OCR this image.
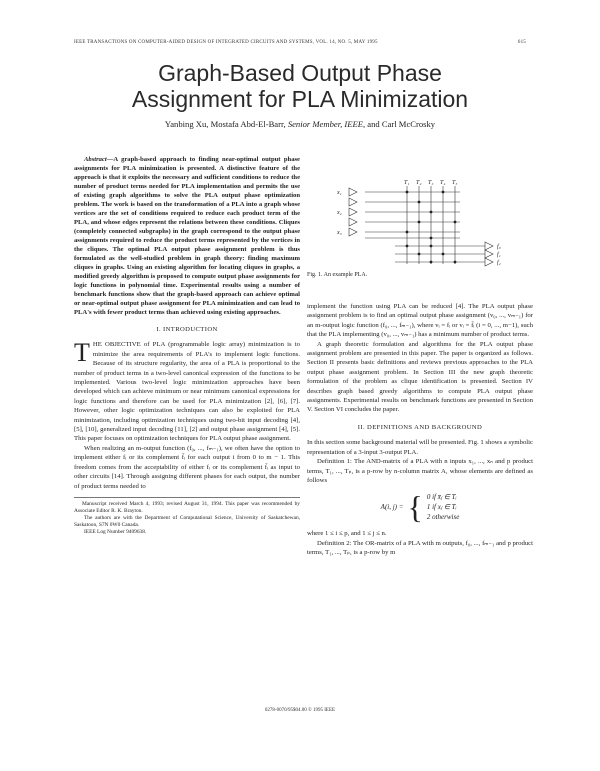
IEEE TRANSACTIONS ON COMPUTER-AIDED DESIGN OF INTEGRATED CIRCUITS AND SYSTEMS, VOL. 14, NO. 5, MAY 1995	615
Graph-Based Output Phase
Assignment for PLA Minimization
Yanbing Xu, Mostafa Abd-El-Barr, Senior Member, IEEE, and Carl McCrosky

Abstract—A graph-based approach to finding near-optimal output phase assignments for PLA minimization is presented. A distinctive feature of the approach is that it exploits the necessary and sufficient conditions to reduce the number of product terms needed for PLA implementation and permits the use of existing graph algorithms to solve the PLA output phase optimization problem. The work is based on the transformation of a PLA into a graph whose vertices are the set of conditions required to reduce each product term of the PLA, and whose edges represent the relations between these conditions. Cliques (completely connected subgraphs) in the graph correspond to the output phase assignments required to reduce the product terms represented by the vertices in the cliques. The optimal PLA output phase assignment problem is thus formulated as the well-studied problem in graph theory: finding maximum cliques in graphs. Using an existing algorithm for locating cliques in graphs, a modified greedy algorithm is proposed to compute output phase assignments for logic functions in polynomial time. Experimental results using a number of benchmark functions show that the graph-based approach can achieve optimal or near-optimal output phase assignment for PLA minimization and can lead to PLA's with fewer product terms than achieved using existing approaches.

I. INTRODUCTION

THE OBJECTIVE of PLA (programmable logic array) minimization is to minimize the area requirements of PLA's to implement logic functions. Because of its structure regularity, the area of a PLA is proportional to the number of product terms in a two-level canonical expression of the functions to be implemented. Various two-level logic minimization approaches have been developed which can achieve minimum or near minimum canonical expressions for logic functions and therefore can be used for PLA minimization [2], [6], [7]. However, other logic optimization techniques can also be exploited for PLA minimization, including optimization techniques using two-bit input decoding [4], [5], [10], generalized input decoding [11], [2] and output phase assignment [4], [5]. This paper focuses on optimization techniques for PLA output phase assignment.

When realizing an m-output function (f₀, ..., fₘ₋₁), we often have the option to implement either fᵢ or its complement f̄ᵢ for each output i from 0 to m − 1. This freedom comes from the acceptability of either fᵢ or its complement f̄ᵢ as input to other circuits [14]. Through assigning different phases for each output, the number of product terms needed to

Manuscript received March 4, 1993; revised August 31, 1994. This paper was recommended by Associate Editor R. K. Brayton.

The authors are with the Department of Computational Science, University of Saskatchewan, Saskatoon, S7N 0W0 Canada.

IEEE Log Number 9409638.

T₁ T₂ T₃ T₄ T₅
x₁
x₂
x₃
f₀
f₁
f₂
Fig. 1. An example PLA.

implement the function using PLA can be reduced [4]. The PLA output phase assignment problem is to find an optimal output phase assignment (v₀, ..., vₘ₋₁) for an m-output logic function (f₀, ..., fₘ₋₁), where vᵢ = fᵢ or vᵢ = f̄ᵢ (i = 0, ..., m−1), such that the PLA implementing (v₀, ..., vₘ₋₁) has a minimum number of product terms.

A graph theoretic formulation and algorithms for the PLA output phase assignment problem are presented in this paper. The paper is organized as follows. Section II presents basic definitions and reviews previous approaches to the PLA output phase assignment problem. In Section III the new graph theoretic formulation of the problem as clique identification is presented. Section IV describes graph based greedy algorithms to compute PLA output phase assignments. Experimental results on benchmark functions are presented in Section V. Section VI concludes the paper.

II. DEFINITIONS AND BACKGROUND

In this section some background material will be presented. Fig. 1 shows a symbolic representation of a 3-input 3-output PLA.

Definition 1: The AND-matrix of a PLA with n inputs x₁, ..., xₙ and p product terms, T₁, ..., Tₚ, is a p-row by n-column matrix A, whose elements are defined as follows

A(i, j) = { 0 if x̄ⱼ ∈ Tᵢ
1 if xⱼ ∈ Tᵢ
2 otherwise

where 1 ≤ i ≤ p, and 1 ≤ j ≤ n.

Definition 2: The OR-matrix of a PLA with m outputs, f₀, ..., fₘ₋₁ and p product terms, T₁, ..., Tₚ, is a p-row by m

0278-0070/95$04.00 © 1995 IEEE
